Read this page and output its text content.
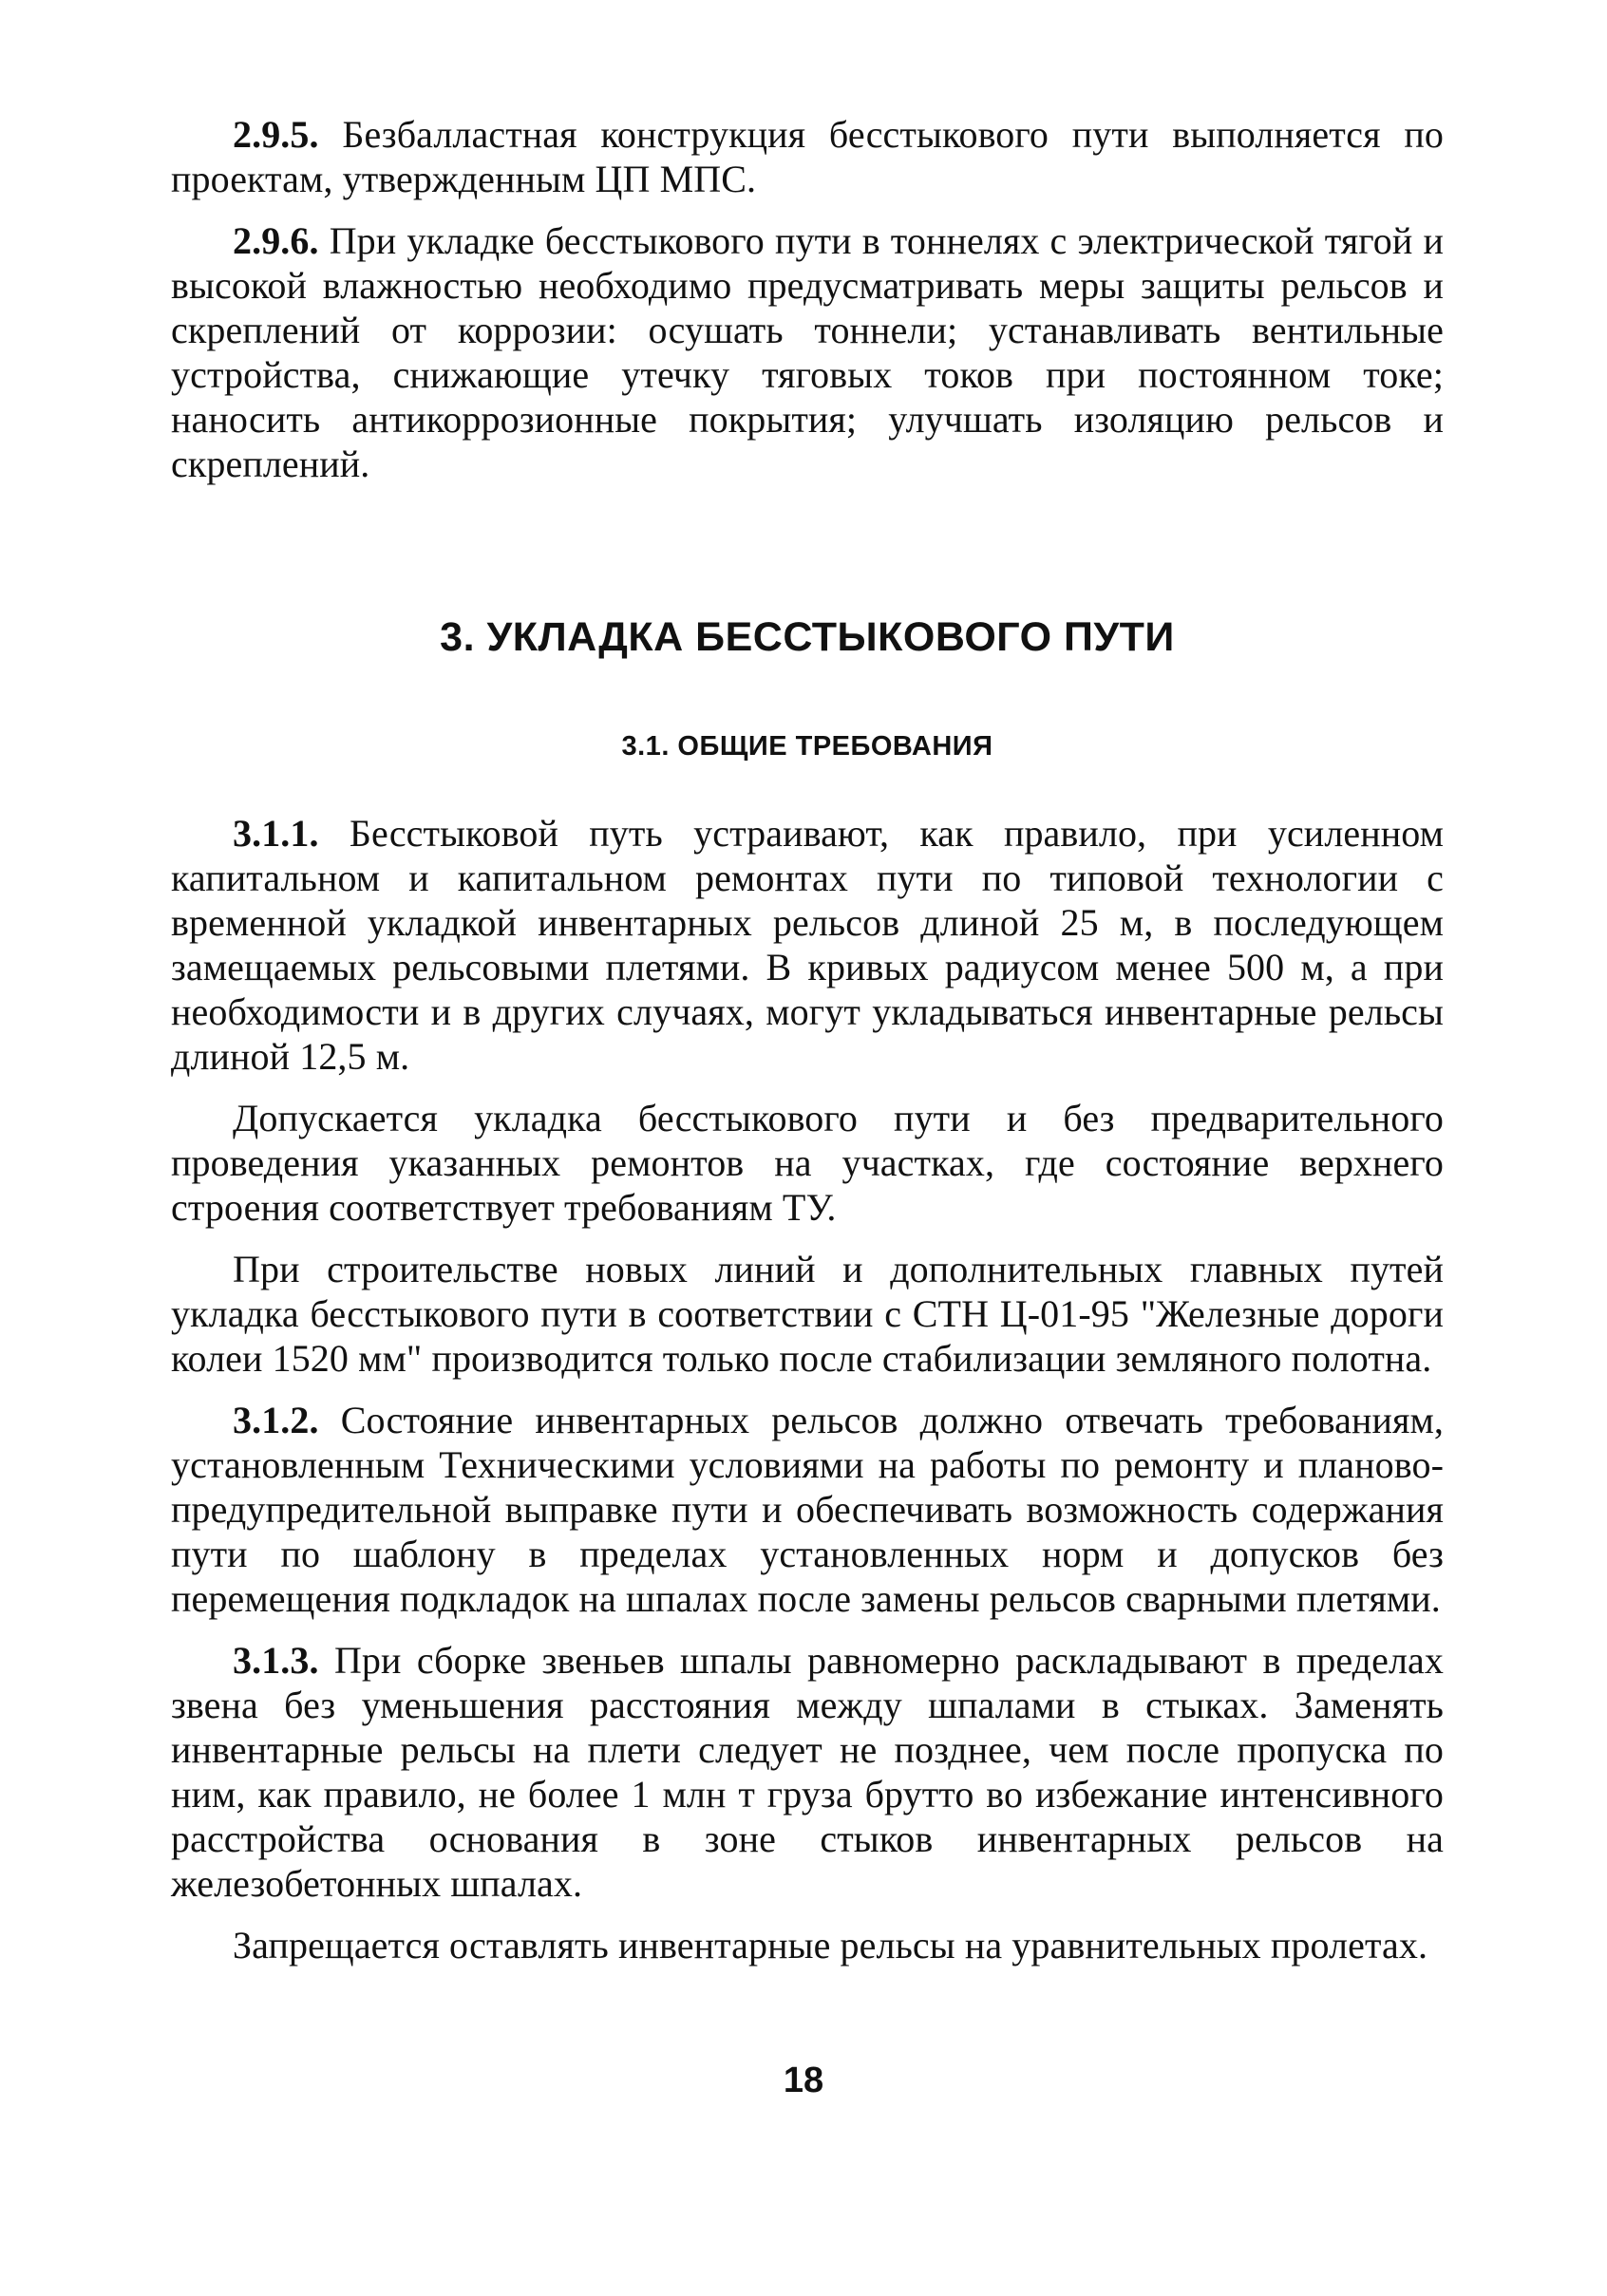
2.9.5. Безбалластная конструкция бесстыкового пути выполняется по проектам, утвержденным ЦП МПС.

2.9.6. При укладке бесстыкового пути в тоннелях с электрической тягой и высокой влажностью необходимо предусматривать меры защиты рельсов и скреплений от коррозии: осушать тоннели; устанавливать вентильные устройства, снижающие утечку тяговых токов при постоянном токе; наносить антикоррозионные покрытия; улучшать изоляцию рельсов и скреплений.

3. УКЛАДКА БЕССТЫКОВОГО ПУТИ
3.1. ОБЩИЕ ТРЕБОВАНИЯ

3.1.1. Бесстыковой путь устраивают, как правило, при усиленном капитальном и капитальном ремонтах пути по типовой технологии с временной укладкой инвентарных рельсов длиной 25 м, в последующем замещаемых рельсовыми плетями. В кривых радиусом менее 500 м, а при необходимости и в других случаях, могут укладываться инвентарные рельсы длиной 12,5 м.

Допускается укладка бесстыкового пути и без предварительного проведения указанных ремонтов на участках, где состояние верхнего строения соответствует требованиям ТУ.

При строительстве новых линий и дополнительных главных путей укладка бесстыкового пути в соответствии с СТН Ц-01-95 "Железные дороги колеи 1520 мм" производится только после стабилизации земляного полотна.

3.1.2. Состояние инвентарных рельсов должно отвечать требованиям, установленным Техническими условиями на работы по ремонту и планово-предупредительной выправке пути и обеспечивать возможность содержания пути по шаблону в пределах установленных норм и допусков без перемещения подкладок на шпалах после замены рельсов сварными плетями.

3.1.3. При сборке звеньев шпалы равномерно раскладывают в пределах звена без уменьшения расстояния между шпалами в стыках. Заменять инвентарные рельсы на плети следует не позднее, чем после пропуска по ним, как правило, не более 1 млн т груза брутто во избежание интенсивного расстройства основания в зоне стыков инвентарных рельсов на железобетонных шпалах.

Запрещается оставлять инвентарные рельсы на уравнительных пролетах.

18
